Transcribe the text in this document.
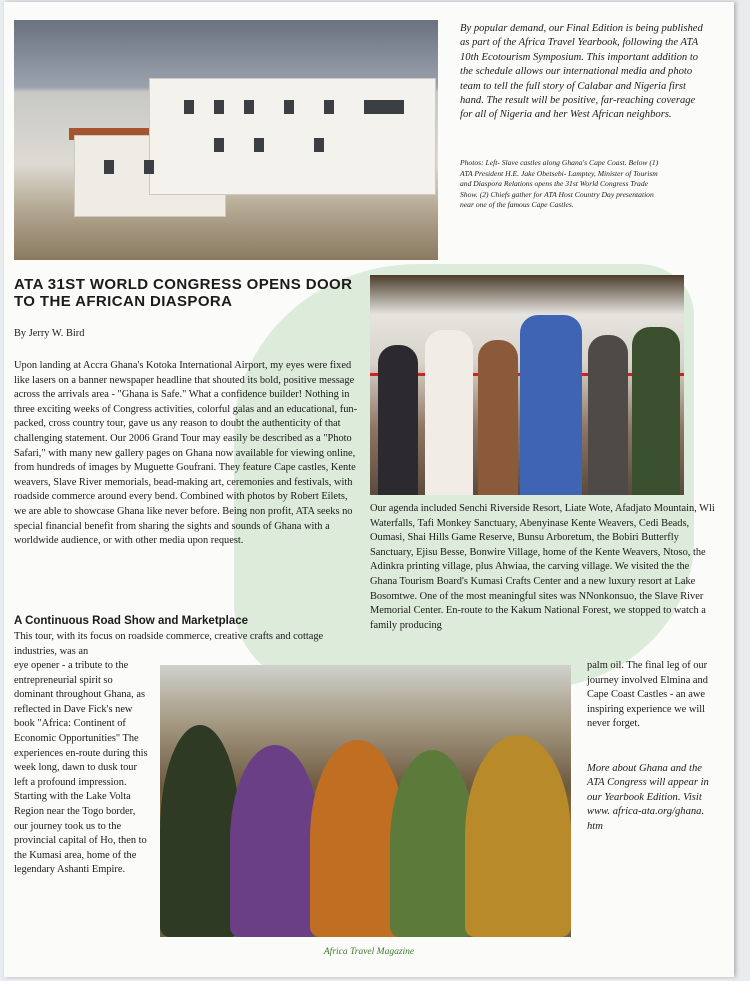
By popular demand, our Final Edition is being published as part of the Africa Travel Yearbook, following the ATA 10th Ecotourism Symposium. This important addition to the schedule allows our international media and photo team to tell the full story of Calabar and Nigeria first hand. The result will be positive, far-reaching coverage for all of Nigeria and her West African neighbors.
Photos: Left- Slave castles along Ghana's Cape Coast. Below (1) ATA President H.E. Jake Obetsebi- Lamptey, Minister of Tourism and Diaspora Relations opens the 31st World Congress Trade Show. (2) Chiefs gather for ATA Host Country Day presentation near one of the famous Cape Castles.
ATA 31ST WORLD CONGRESS OPENS DOOR TO THE AFRICAN DIASPORA
By Jerry W. Bird
Upon landing at Accra Ghana's Kotoka International Airport, my eyes were fixed like lasers on a banner newspaper headline that shouted its bold, positive message across the arrivals area - "Ghana is Safe." What a confidence builder! Nothing in three exciting weeks of Congress activities, colorful galas and an educational, fun-packed, cross country tour, gave us any reason to doubt the authenticity of that challenging statement. Our 2006 Grand Tour may easily be described as a "Photo Safari," with many new gallery pages on Ghana now available for viewing online, from hundreds of images by Muguette Goufrani. They feature Cape castles, Kente weavers, Slave River memorials, bead-making art, ceremonies and festivals, with roadside commerce around every bend. Combined with photos by Robert Eilets, we are able to showcase Ghana like never before. Being non profit, ATA seeks no special financial benefit from sharing the sights and sounds of Ghana with a worldwide audience, or with other media upon request.
A Continuous Road Show and Marketplace
This tour, with its focus on roadside commerce, creative crafts and cottage industries, was an
eye opener - a tribute to the entrepreneurial spirit so dominant throughout Ghana, as reflected in Dave Fick's new book "Africa: Continent of Economic Opportunities" The experiences en-route during this week long, dawn to dusk tour left a profound impression. Starting with the Lake Volta Region near the Togo border, our journey took us to the provincial capital of Ho, then to the Kumasi area, home of the legendary Ashanti Empire.
Our agenda included Senchi Riverside Resort, Liate Wote, Afadjato Mountain, Wli Waterfalls, Tafi Monkey Sanctuary, Abenyinase Kente Weavers, Cedi Beads, Oumasi, Shai Hills Game Reserve, Bunsu Arboretum, the Bobiri Butterfly Sanctuary, Ejisu Besse, Bonwire Village, home of the Kente Weavers, Ntoso, the Adinkra printing village, plus Ahwiaa, the carving village. We visited the the Ghana Tourism Board's Kumasi Crafts Center and a new luxury resort at Lake Bosomtwe. One of the most meaningful sites was NNonkonsuo, the Slave River Memorial Center. En-route to the Kakum National Forest, we stopped to watch a family producing
palm oil. The final leg of our journey involved Elmina and Cape Coast Castles - an awe inspiring experience we will never forget.
More about Ghana and the ATA Congress will appear in our Yearbook Edition. Visit www. africa-ata.org/ghana. htm
Africa Travel Magazine
